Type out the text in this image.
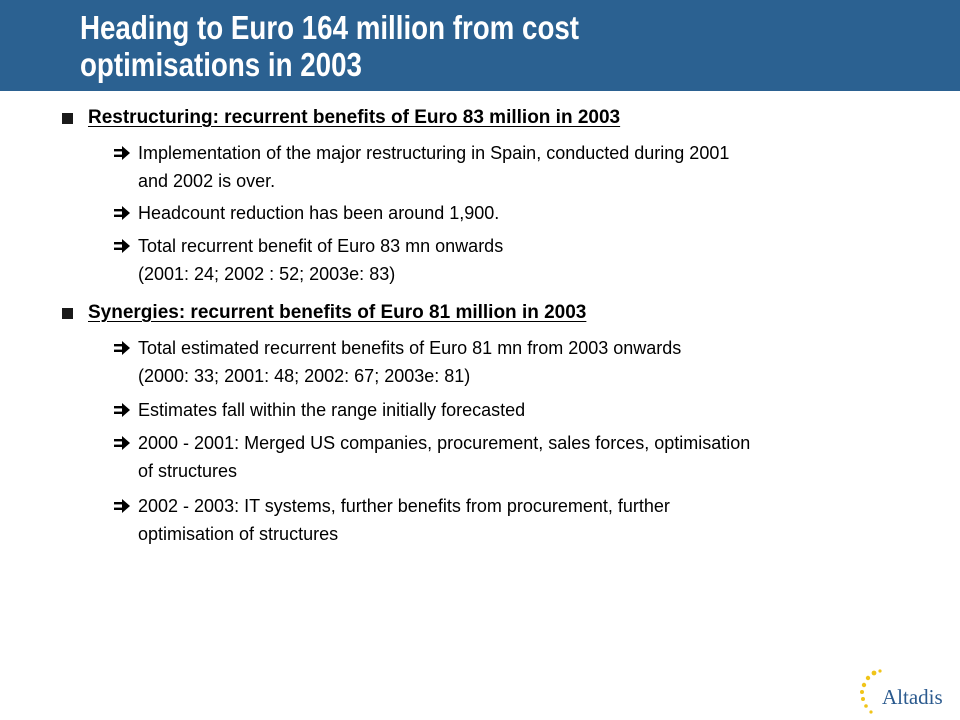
Heading to Euro 164 million from cost
optimisations in 2003
Restructuring: recurrent benefits of Euro 83 million in 2003
Implementation of the major restructuring in Spain, conducted during 2001
and 2002 is over.
Headcount reduction has been around 1,900.
Total recurrent benefit of Euro 83 mn onwards
(2001: 24; 2002 : 52; 2003e: 83)
Synergies: recurrent benefits of Euro 81 million in 2003
Total estimated recurrent benefits of Euro 81 mn from 2003 onwards
(2000: 33; 2001: 48; 2002: 67; 2003e: 81)
Estimates fall within the range initially forecasted
2000 - 2001: Merged US companies, procurement, sales forces, optimisation
of structures
2002 - 2003: IT systems, further benefits from procurement, further
optimisation of structures
Altadis
